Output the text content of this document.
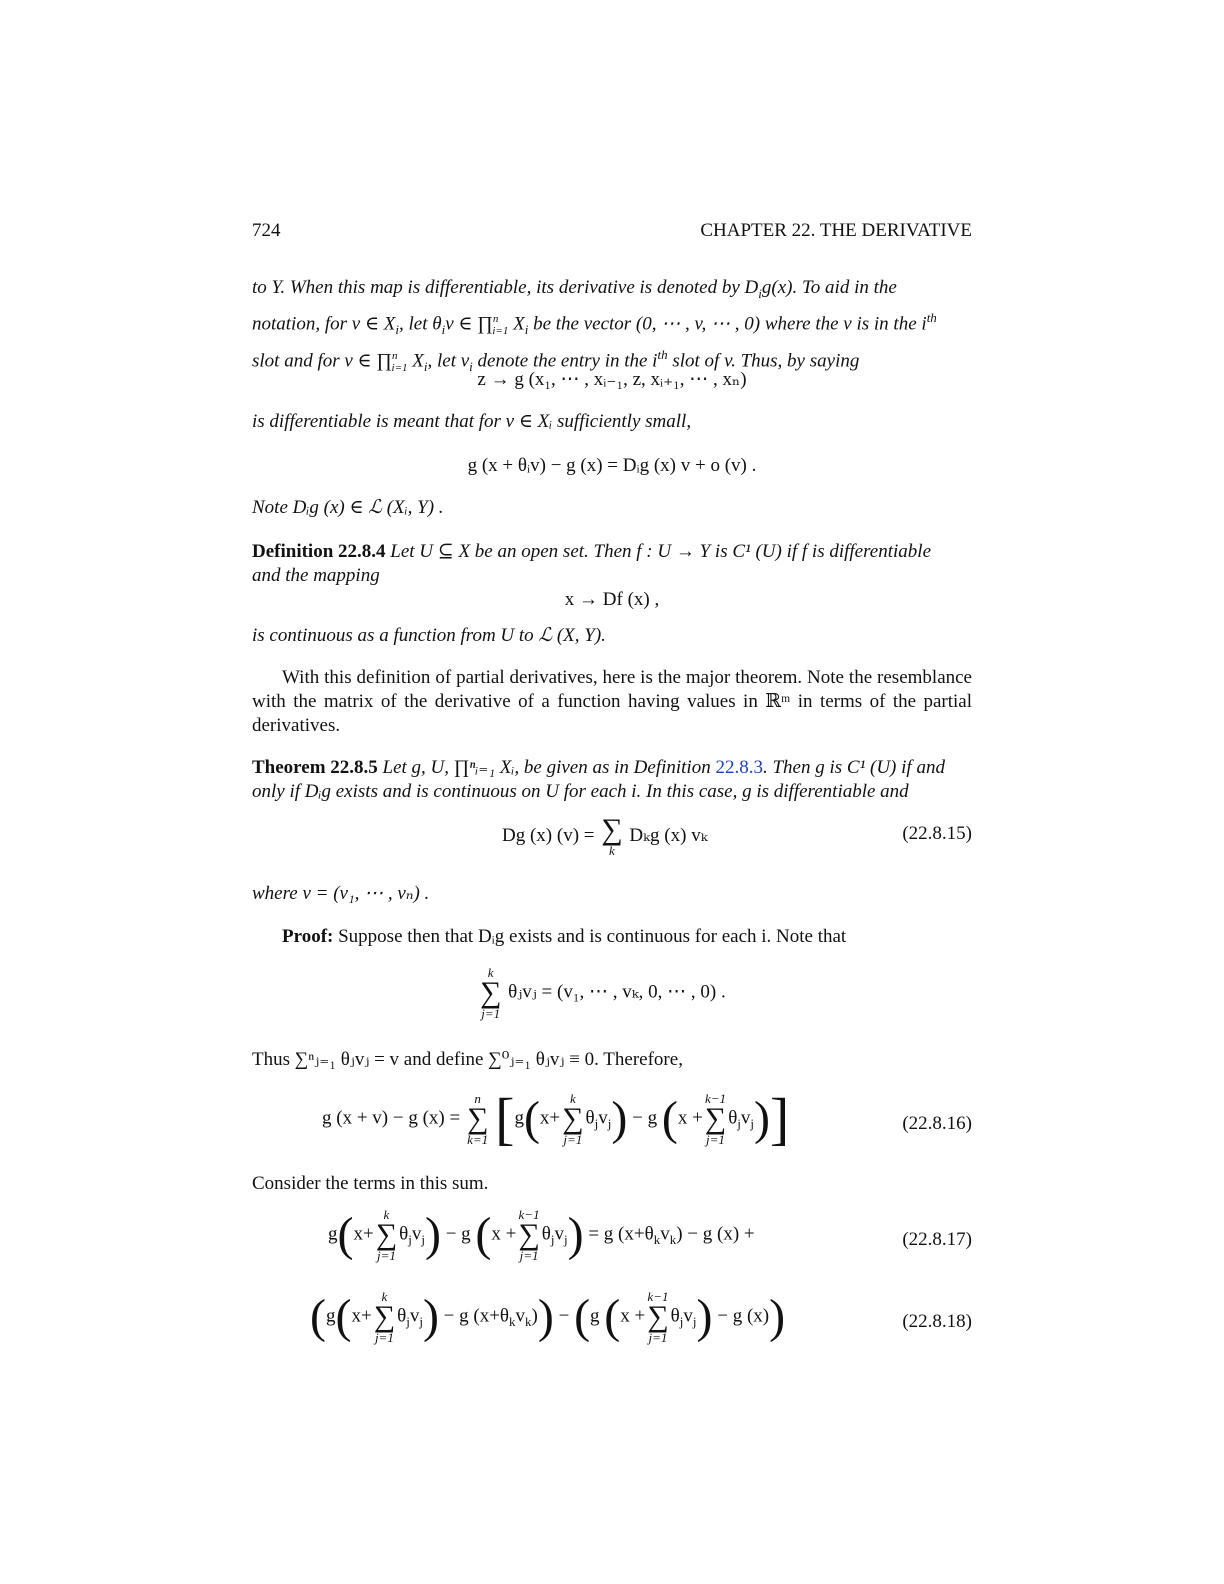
724	CHAPTER 22. THE DERIVATIVE
to Y. When this map is differentiable, its derivative is denoted by $D_ig(x)$. To aid in the
notation, for v ∈ $X_i$, let $\theta_iv$ ∈ ∏$^n_{i=1}$ $X_i$ be the vector (0, ⋯ , v, ⋯ , 0) where the v is in the $i^{th}$
slot and for v ∈ ∏$^n_{i=1}$ $X_i$, let $v_i$ denote the entry in the $i^{th}$ slot of v. Thus, by saying
z → g (x₁, ⋯ , xᵢ₋₁, z, xᵢ₊₁, ⋯ , xₙ)
is differentiable is meant that for v ∈ Xᵢ sufficiently small,
g (x + θᵢv) − g (x) = Dᵢg (x) v + o (v) .
Note Dᵢg (x) ∈ ℒ (Xᵢ, Y) .
Definition 22.8.4 Let U ⊆ X be an open set. Then f : U → Y is C¹ (U) if f is differentiable
and the mapping
x → Df (x) ,
is continuous as a function from U to ℒ (X, Y).
With this definition of partial derivatives, here is the major theorem. Note the resemblance with the matrix of the derivative of a function having values in ℝᵐ in terms of the partial derivatives.
Theorem 22.8.5 Let g, U, ∏ⁿᵢ₌₁ Xᵢ, be given as in Definition 22.8.3. Then g is C¹ (U) if and
only if Dᵢg exists and is continuous on U for each i. In this case, g is differentiable and
Dg (x) (v) = ∑
k
Dₖg (x) vₖ	(22.8.15)
where v = (v₁, ⋯ , vₙ) .
Proof: Suppose then that Dᵢg exists and is continuous for each i. Note that
k
∑
j=1
θⱼvⱼ = (v₁, ⋯ , vₖ, 0, ⋯ , 0) .
Thus ∑ⁿⱼ₌₁ θⱼvⱼ = v and define ∑⁰ⱼ₌₁ θⱼvⱼ ≡ 0. Therefore,
g (x + v) − g (x) =
n
∑
k=1 [g(x+
k
∑
j=1
$\theta_jv_j) - g$ (x +
k−1
∑
j=1
$\theta_jv_j$)]	(22.8.16)
Consider the terms in this sum.
g(x+
k
∑
j=1
$\theta_jv_j) - g$ (x +
k−1
∑
j=1
$\theta_jv_j) = g$ $(x+\theta_kv_k) - g$ (x) +	(22.8.17)
(g(x+
k
∑
j=1
$\theta_jv_j) - g$ $(x+\theta_kv_k)) - (g$ (x +
k−1
∑
j=1
$\theta_jv_j) - g$ (x))	(22.8.18)
